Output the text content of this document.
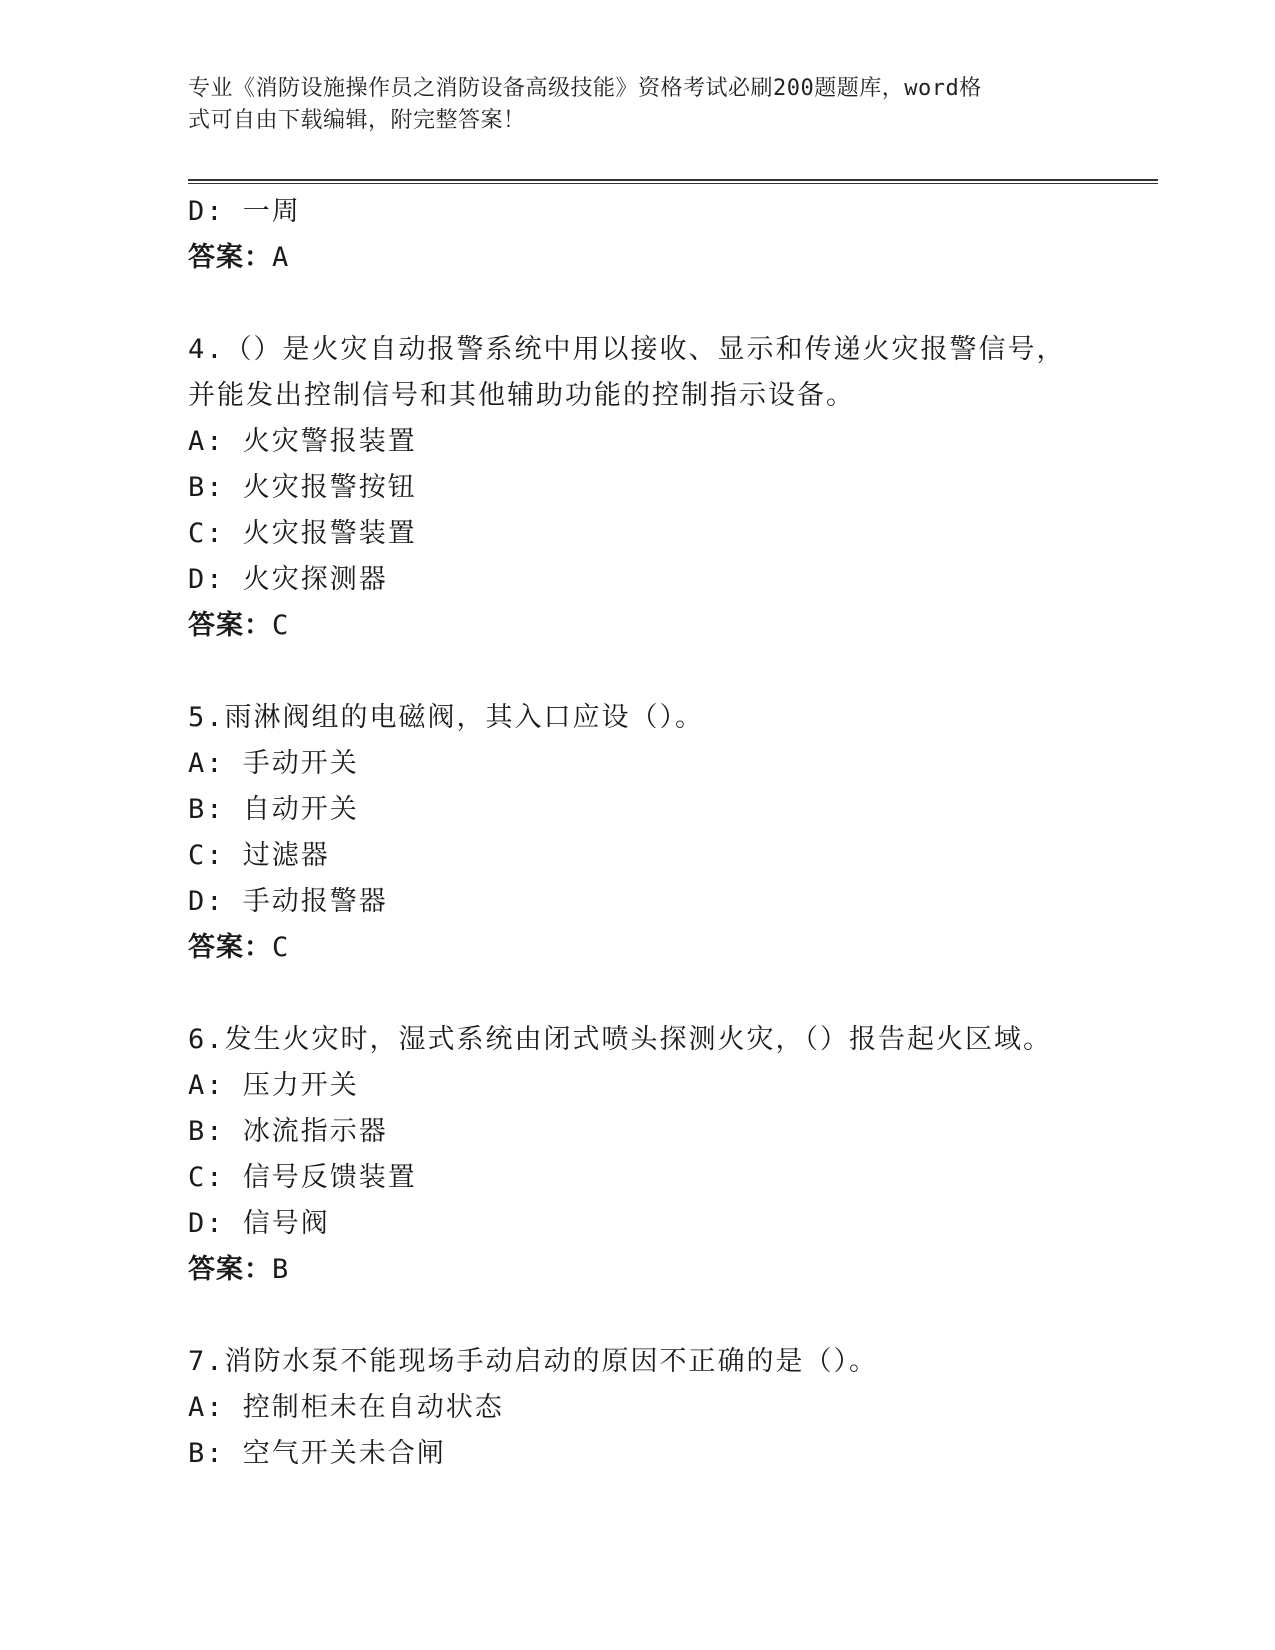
专业《消防设施操作员之消防设备高级技能》资格考试必刷200题题库，word格
式可自由下载编辑，附完整答案！
D: 一周
答案：A
4.（）是火灾自动报警系统中用以接收、显示和传递火灾报警信号，
并能发出控制信号和其他辅助功能的控制指示设备。
A: 火灾警报装置
B: 火灾报警按钮
C: 火灾报警装置
D: 火灾探测器
答案：C
5.雨淋阀组的电磁阀，其入口应设（）。
A: 手动开关
B: 自动开关
C: 过滤器
D: 手动报警器
答案：C
6.发生火灾时，湿式系统由闭式喷头探测火灾，（）报告起火区域。
A: 压力开关
B: 冰流指示器
C: 信号反馈装置
D: 信号阀
答案：B
7.消防水泵不能现场手动启动的原因不正确的是（）。
A: 控制柜未在自动状态
B: 空气开关未合闸
